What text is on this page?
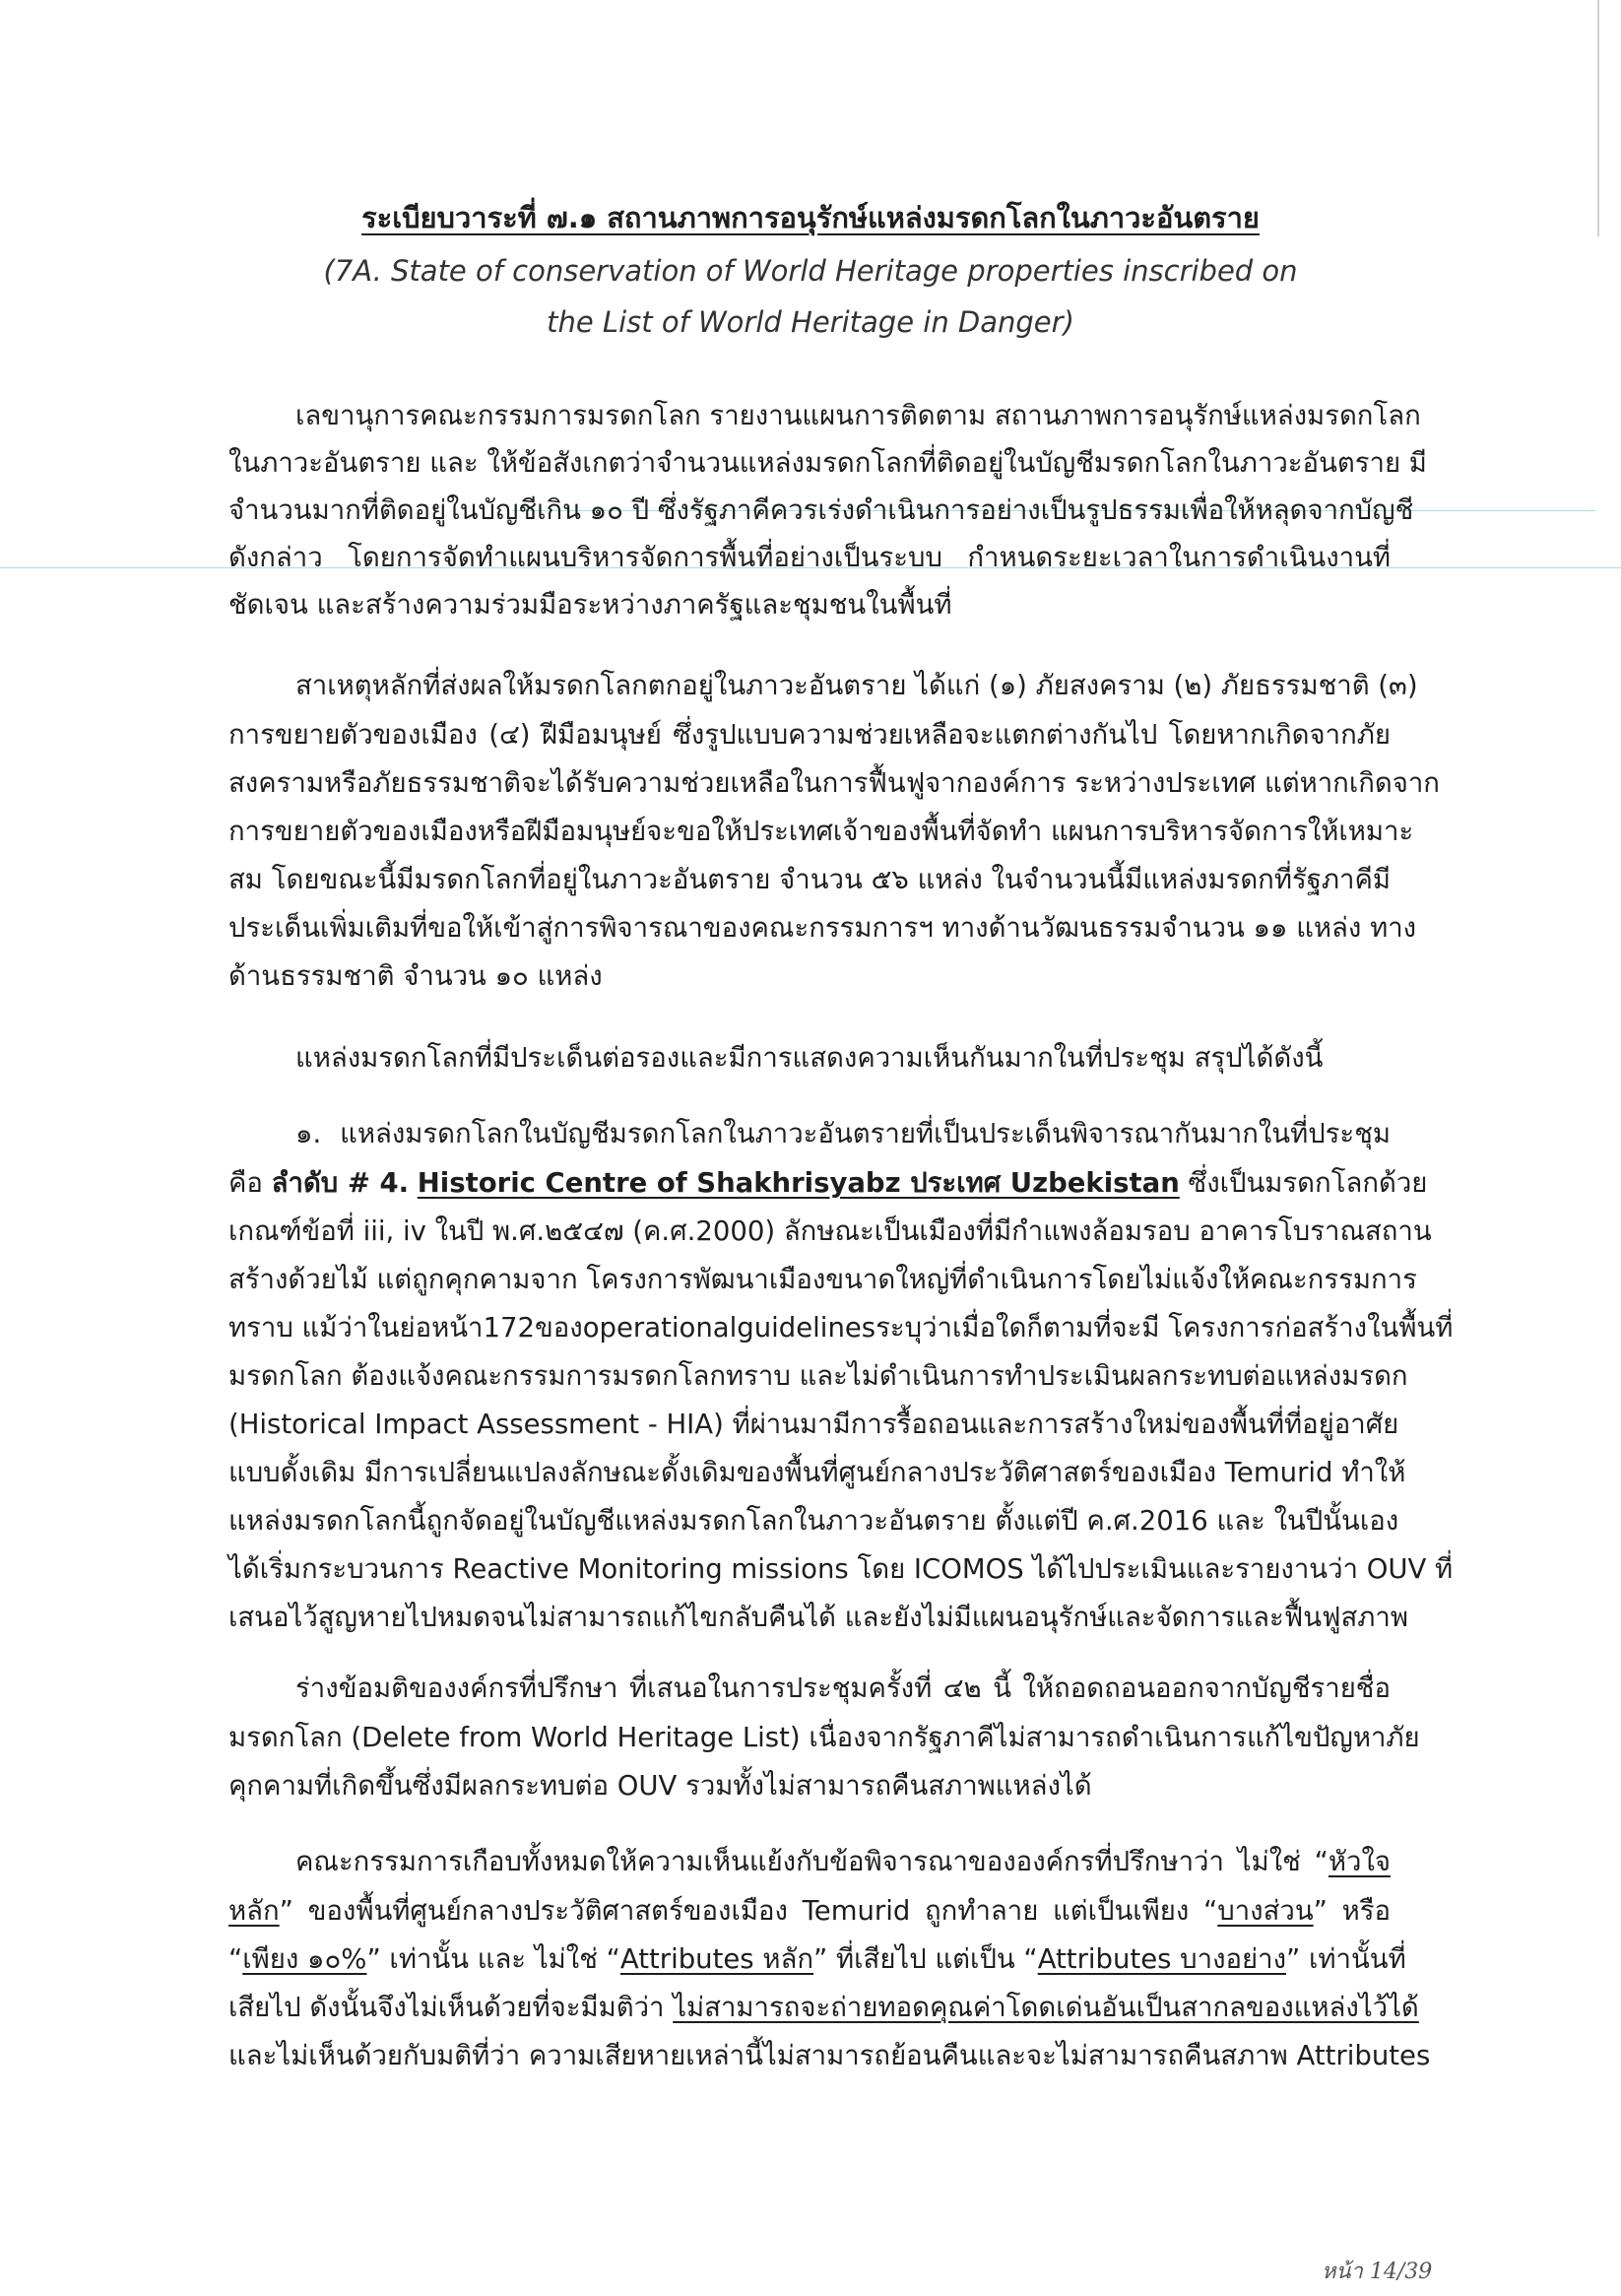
ระเบียบวาระที่ ๗.๑ สถานภาพการอนุรักษ์แหล่งมรดกโลกในภาวะอันตราย
(7A. State of conservation of World Heritage properties inscribed on
the List of World Heritage in Danger)
เลขานุการคณะกรรมการมรดกโลก รายงานแผนการติดตาม สถานภาพการอนุรักษ์แหล่งมรดกโลก
ในภาวะอันตราย และ ให้ข้อสังเกตว่าจำนวนแหล่งมรดกโลกที่ติดอยู่ในบัญชีมรดกโลกในภาวะอันตราย มี
จำนวนมากที่ติดอยู่ในบัญชีเกิน ๑๐ ปี ซึ่งรัฐภาคีควรเร่งดำเนินการอย่างเป็นรูปธรรมเพื่อให้หลุดจากบัญชี
ดังกล่าว โดยการจัดทำแผนบริหารจัดการพื้นที่อย่างเป็นระบบ กำหนดระยะเวลาในการดำเนินงานที่
ชัดเจน และสร้างความร่วมมือระหว่างภาครัฐและชุมชนในพื้นที่
สาเหตุหลักที่ส่งผลให้มรดกโลกตกอยู่ในภาวะอันตราย ได้แก่ (๑) ภัยสงคราม (๒) ภัยธรรมชาติ (๓)
การขยายตัวของเมือง (๔) ฝีมือมนุษย์ ซึ่งรูปแบบความช่วยเหลือจะแตกต่างกันไป โดยหากเกิดจากภัย
สงครามหรือภัยธรรมชาติจะได้รับความช่วยเหลือในการฟื้นฟูจากองค์การ ระหว่างประเทศ แต่หากเกิดจาก
การขยายตัวของเมืองหรือฝีมือมนุษย์จะขอให้ประเทศเจ้าของพื้นที่จัดทำ แผนการบริหารจัดการให้เหมาะ
สม โดยขณะนี้มีมรดกโลกที่อยู่ในภาวะอันตราย จำนวน ๕๖ แหล่ง ในจำนวนนี้มีแหล่งมรดกที่รัฐภาคีมี
ประเด็นเพิ่มเติมที่ขอให้เข้าสู่การพิจารณาของคณะกรรมการฯ ทางด้านวัฒนธรรมจำนวน ๑๑ แหล่ง ทาง
ด้านธรรมชาติ จำนวน ๑๐ แหล่ง
แหล่งมรดกโลกที่มีประเด็นต่อรองและมีการแสดงความเห็นกันมากในที่ประชุม สรุปได้ดังนี้
๑. แหล่งมรดกโลกในบัญชีมรดกโลกในภาวะอันตรายที่เป็นประเด็นพิจารณากันมากในที่ประชุม
คือ ลำดับ # 4. Historic Centre of Shakhrisyabz ประเทศ Uzbekistan ซึ่งเป็นมรดกโลกด้วย
เกณฑ์ข้อที่ iii, iv ในปี พ.ศ.๒๕๔๗ (ค.ศ.2000) ลักษณะเป็นเมืองที่มีกำแพงล้อมรอบ อาคารโบราณสถาน
สร้างด้วยไม้ แต่ถูกคุกคามจาก โครงการพัฒนาเมืองขนาดใหญ่ที่ดำเนินการโดยไม่แจ้งให้คณะกรรมการ
ทราบ แม้ว่าในย่อหน้า172ของoperationalguidelinesระบุว่าเมื่อใดก็ตามที่จะมี โครงการก่อสร้างในพื้นที่
มรดกโลก ต้องแจ้งคณะกรรมการมรดกโลกทราบ และไม่ดำเนินการทำประเมินผลกระทบต่อแหล่งมรดก
(Historical Impact Assessment - HIA) ที่ผ่านมามีการรื้อถอนและการสร้างใหม่ของพื้นที่ที่อยู่อาศัย
แบบดั้งเดิม มีการเปลี่ยนแปลงลักษณะดั้งเดิมของพื้นที่ศูนย์กลางประวัติศาสตร์ของเมือง Temurid ทำให้
แหล่งมรดกโลกนี้ถูกจัดอยู่ในบัญชีแหล่งมรดกโลกในภาวะอันตราย ตั้งแต่ปี ค.ศ.2016 และ ในปีนั้นเอง
ได้เริ่มกระบวนการ Reactive Monitoring missions โดย ICOMOS ได้ไปประเมินและรายงานว่า OUV ที่
เสนอไว้สูญหายไปหมดจนไม่สามารถแก้ไขกลับคืนได้ และยังไม่มีแผนอนุรักษ์และจัดการและฟื้นฟูสภาพ
ร่างข้อมติของงค์กรที่ปรึกษา ที่เสนอในการประชุมครั้งที่ ๔๒ นี้ ให้ถอดถอนออกจากบัญชีรายชื่อ
มรดกโลก (Delete from World Heritage List) เนื่องจากรัฐภาคีไม่สามารถดำเนินการแก้ไขปัญหาภัย
คุกคามที่เกิดขึ้นซึ่งมีผลกระทบต่อ OUV รวมทั้งไม่สามารถคืนสภาพแหล่งได้
คณะกรรมการเกือบทั้งหมดให้ความเห็นแย้งกับข้อพิจารณาขององค์กรที่ปรึกษาว่า ไม่ใช่ “หัวใจ
หลัก” ของพื้นที่ศูนย์กลางประวัติศาสตร์ของเมือง Temurid ถูกทำลาย แต่เป็นเพียง “บางส่วน” หรือ
“เพียง ๑๐%” เท่านั้น และ ไม่ใช่ “Attributes หลัก” ที่เสียไป แต่เป็น “Attributes บางอย่าง” เท่านั้นที่
เสียไป ดังนั้นจึงไม่เห็นด้วยที่จะมีมติว่า ไม่สามารถจะถ่ายทอดคุณค่าโดดเด่นอันเป็นสากลของแหล่งไว้ได้
และไม่เห็นด้วยกับมติที่ว่า ความเสียหายเหล่านี้ไม่สามารถย้อนคืนและจะไม่สามารถคืนสภาพ Attributes
หน้า 14/39
